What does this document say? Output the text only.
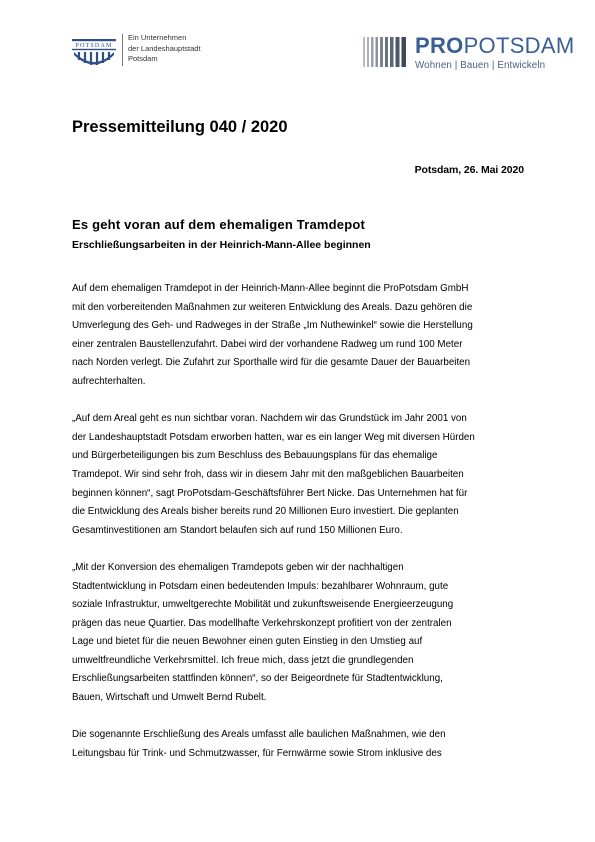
POTSDAM
Ein Unternehmen
der Landeshauptstadt
Potsdam
PROPOTSDAM
Wohnen | Bauen | Entwickeln
Pressemitteilung 040 / 2020
Potsdam, 26. Mai 2020
Es geht voran auf dem ehemaligen Tramdepot
Erschließungsarbeiten in der Heinrich-Mann-Allee beginnen
Auf dem ehemaligen Tramdepot in der Heinrich-Mann-Allee beginnt die ProPotsdam GmbH
mit den vorbereitenden Maßnahmen zur weiteren Entwicklung des Areals. Dazu gehören die
Umverlegung des Geh- und Radweges in der Straße „Im Nuthewinkel“ sowie die Herstellung
einer zentralen Baustellenzufahrt. Dabei wird der vorhandene Radweg um rund 100 Meter
nach Norden verlegt. Die Zufahrt zur Sporthalle wird für die gesamte Dauer der Bauarbeiten
aufrechterhalten.
„Auf dem Areal geht es nun sichtbar voran. Nachdem wir das Grundstück im Jahr 2001 von
der Landeshauptstadt Potsdam erworben hatten, war es ein langer Weg mit diversen Hürden
und Bürgerbeteiligungen bis zum Beschluss des Bebauungsplans für das ehemalige
Tramdepot. Wir sind sehr froh, dass wir in diesem Jahr mit den maßgeblichen Bauarbeiten
beginnen können“, sagt ProPotsdam-Geschäftsführer Bert Nicke. Das Unternehmen hat für
die Entwicklung des Areals bisher bereits rund 20 Millionen Euro investiert. Die geplanten
Gesamtinvestitionen am Standort belaufen sich auf rund 150 Millionen Euro.
„Mit der Konversion des ehemaligen Tramdepots geben wir der nachhaltigen
Stadtentwicklung in Potsdam einen bedeutenden Impuls: bezahlbarer Wohnraum, gute
soziale Infrastruktur, umweltgerechte Mobilität und zukunftsweisende Energieerzeugung
prägen das neue Quartier. Das modellhafte Verkehrskonzept profitiert von der zentralen
Lage und bietet für die neuen Bewohner einen guten Einstieg in den Umstieg auf
umweltfreundliche Verkehrsmittel. Ich freue mich, dass jetzt die grundlegenden
Erschließungsarbeiten stattfinden können“, so der Beigeordnete für Stadtentwicklung,
Bauen, Wirtschaft und Umwelt Bernd Rubelt.
Die sogenannte Erschließung des Areals umfasst alle baulichen Maßnahmen, wie den
Leitungsbau für Trink- und Schmutzwasser, für Fernwärme sowie Strom inklusive des
